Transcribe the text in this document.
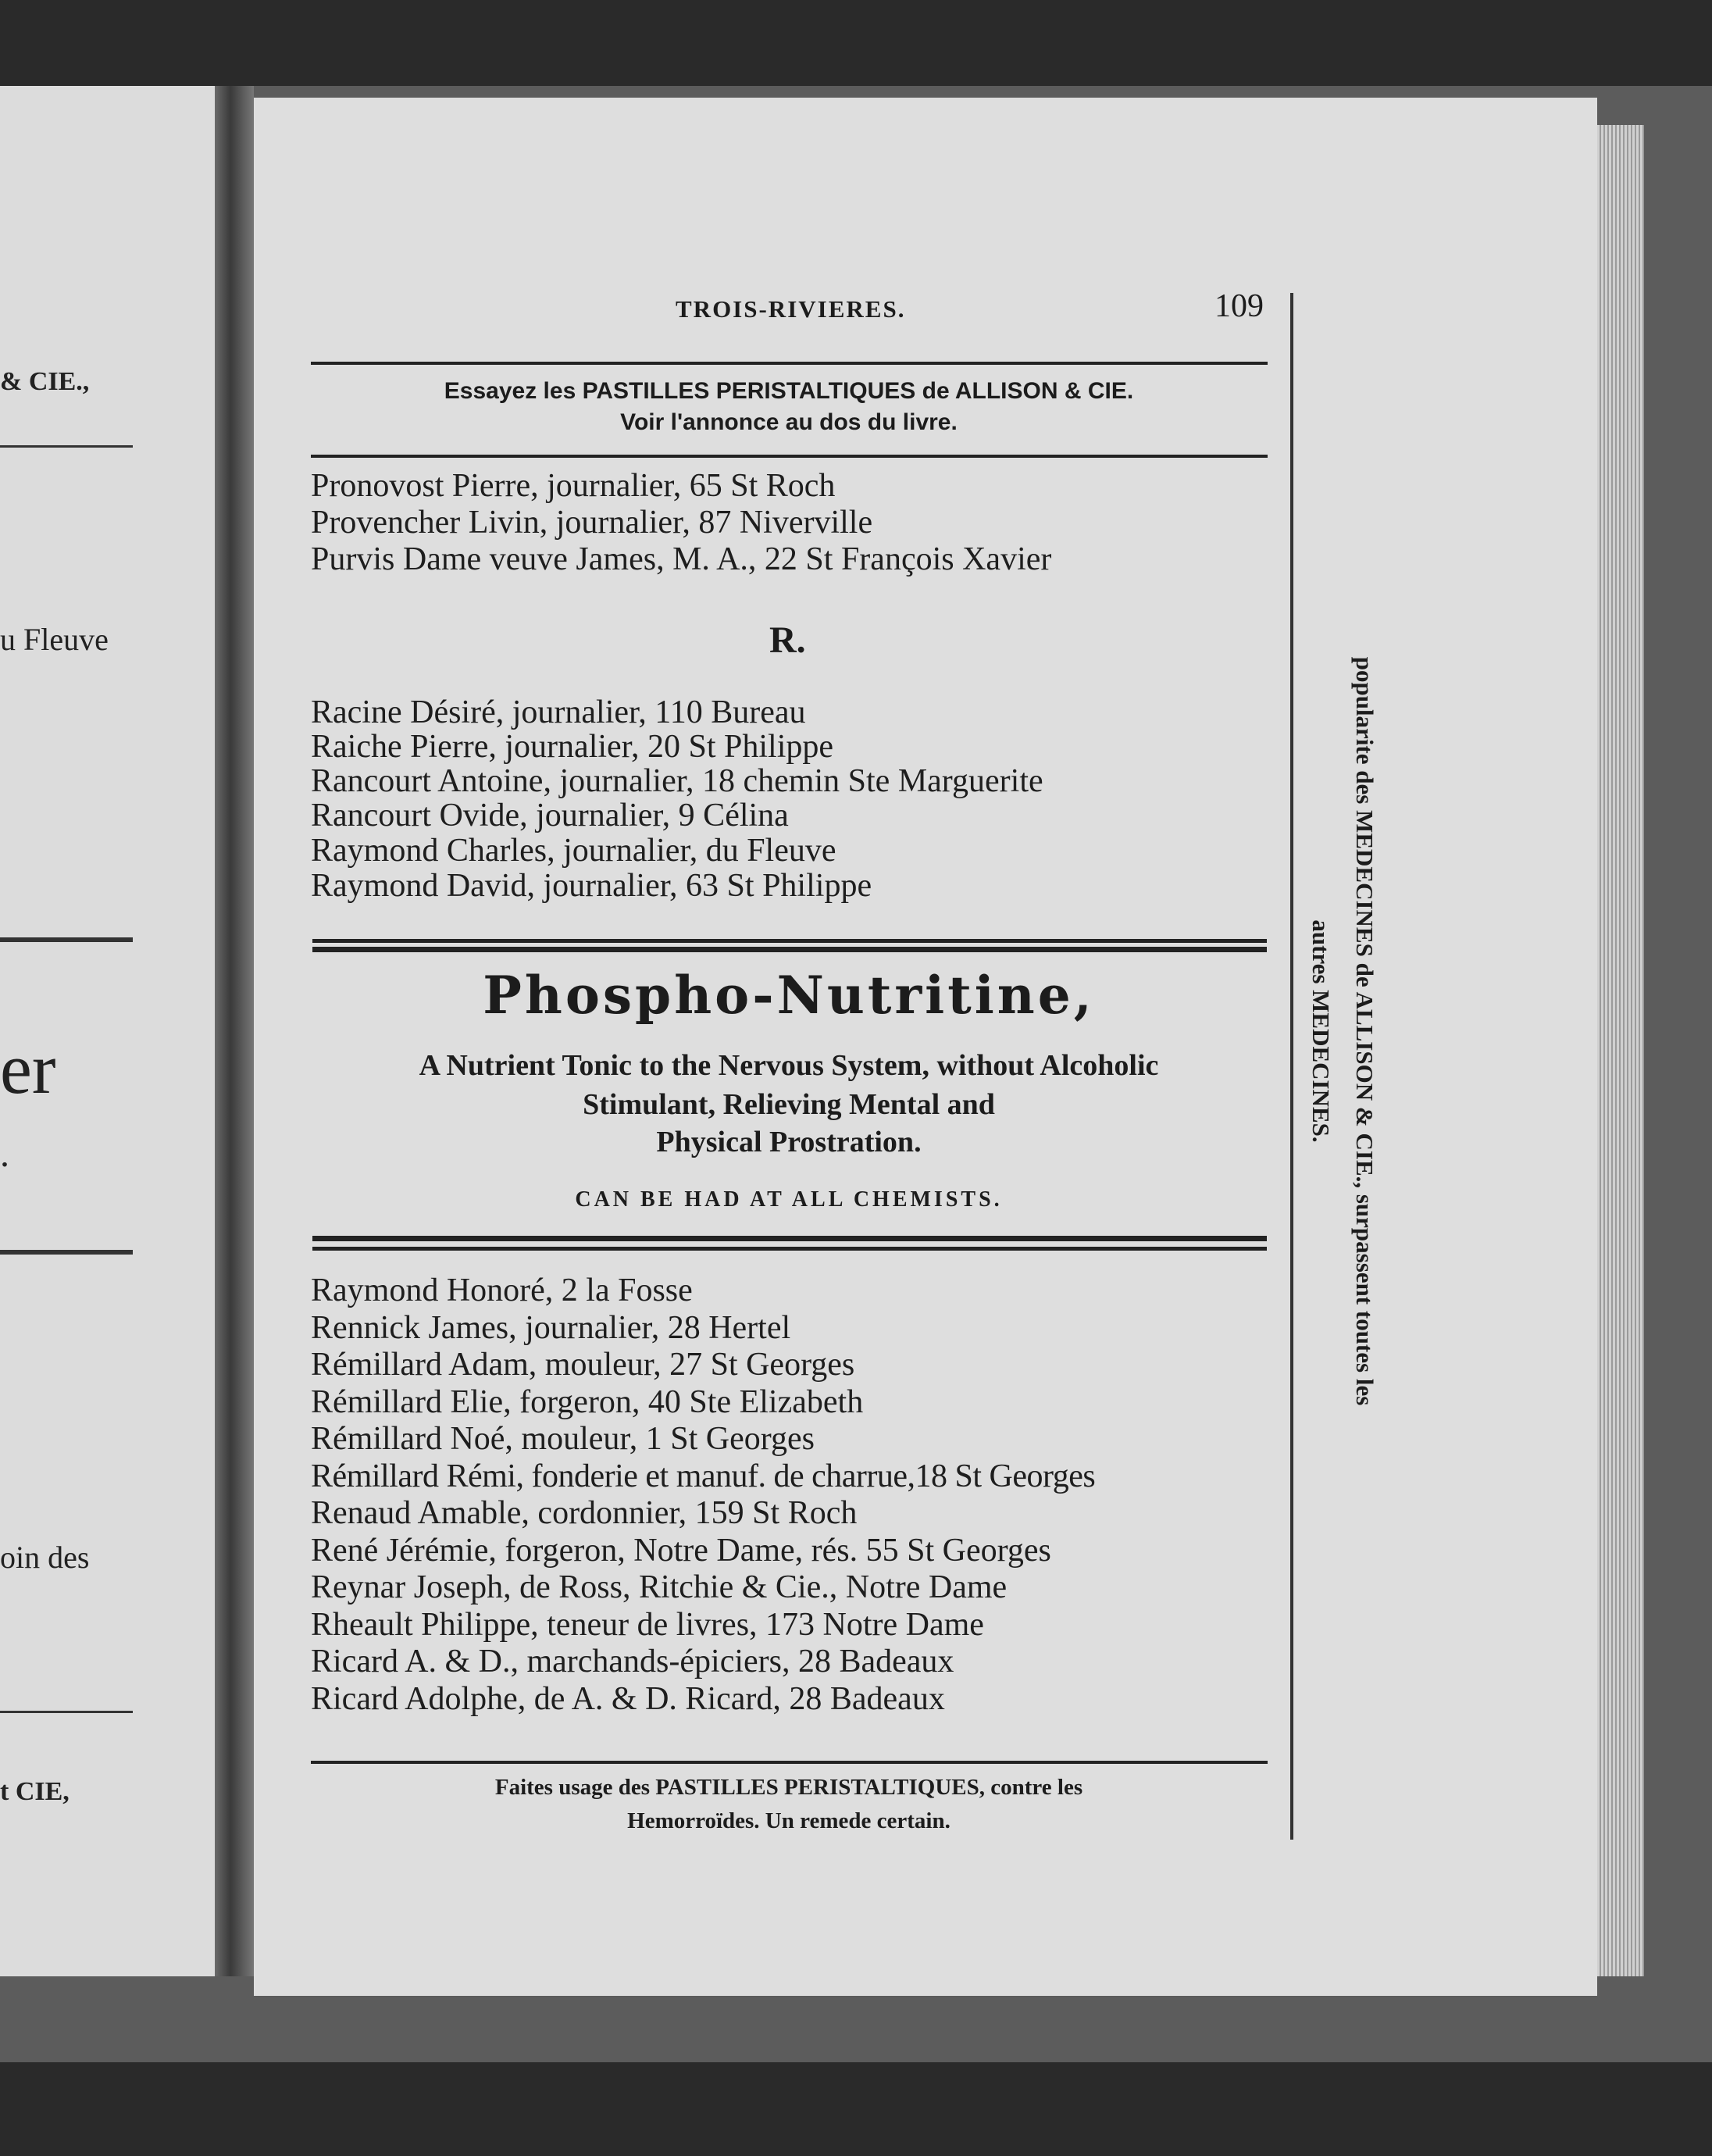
& CIE.,
u Fleuve
er
.
oin des
t CIE,
TROIS-RIVIERES.	109
Essayez les PASTILLES PERISTALTIQUES de ALLISON & CIE.
Voir l'annonce au dos du livre.
Pronovost Pierre, journalier, 65 St Roch
Provencher Livin, journalier, 87 Niverville
Purvis Dame veuve James, M. A., 22 St François Xavier
R.
Racine Désiré, journalier, 110 Bureau
Raiche Pierre, journalier, 20 St Philippe
Rancourt Antoine, journalier, 18 chemin Ste Marguerite
Rancourt Ovide, journalier, 9 Célina
Raymond Charles, journalier, du Fleuve
Raymond David, journalier, 63 St Philippe
Phospho-Nutritine,
A Nutrient Tonic to the Nervous System, without Alcoholic
Stimulant, Relieving Mental and
Physical Prostration.
CAN BE HAD AT ALL CHEMISTS.
Raymond Honoré, 2 la Fosse
Rennick James, journalier, 28 Hertel
Rémillard Adam, mouleur, 27 St Georges
Rémillard Elie, forgeron, 40 Ste Elizabeth
Rémillard Noé, mouleur, 1 St Georges
Rémillard Rémi, fonderie et manuf. de charrue,18 St Georges
Renaud Amable, cordonnier, 159 St Roch
René Jérémie, forgeron, Notre Dame, rés. 55 St Georges
Reynar Joseph, de Ross, Ritchie & Cie., Notre Dame
Rheault Philippe, teneur de livres, 173 Notre Dame
Ricard A. & D., marchands-épiciers, 28 Badeaux
Ricard Adolphe, de A. & D. Ricard, 28 Badeaux
Faites usage des PASTILLES PERISTALTIQUES, contre les
Hemorroïdes. Un remede certain.
popularite des MEDECINES de ALLISON & CIE., surpassent toutes les
autres MEDECINES.
